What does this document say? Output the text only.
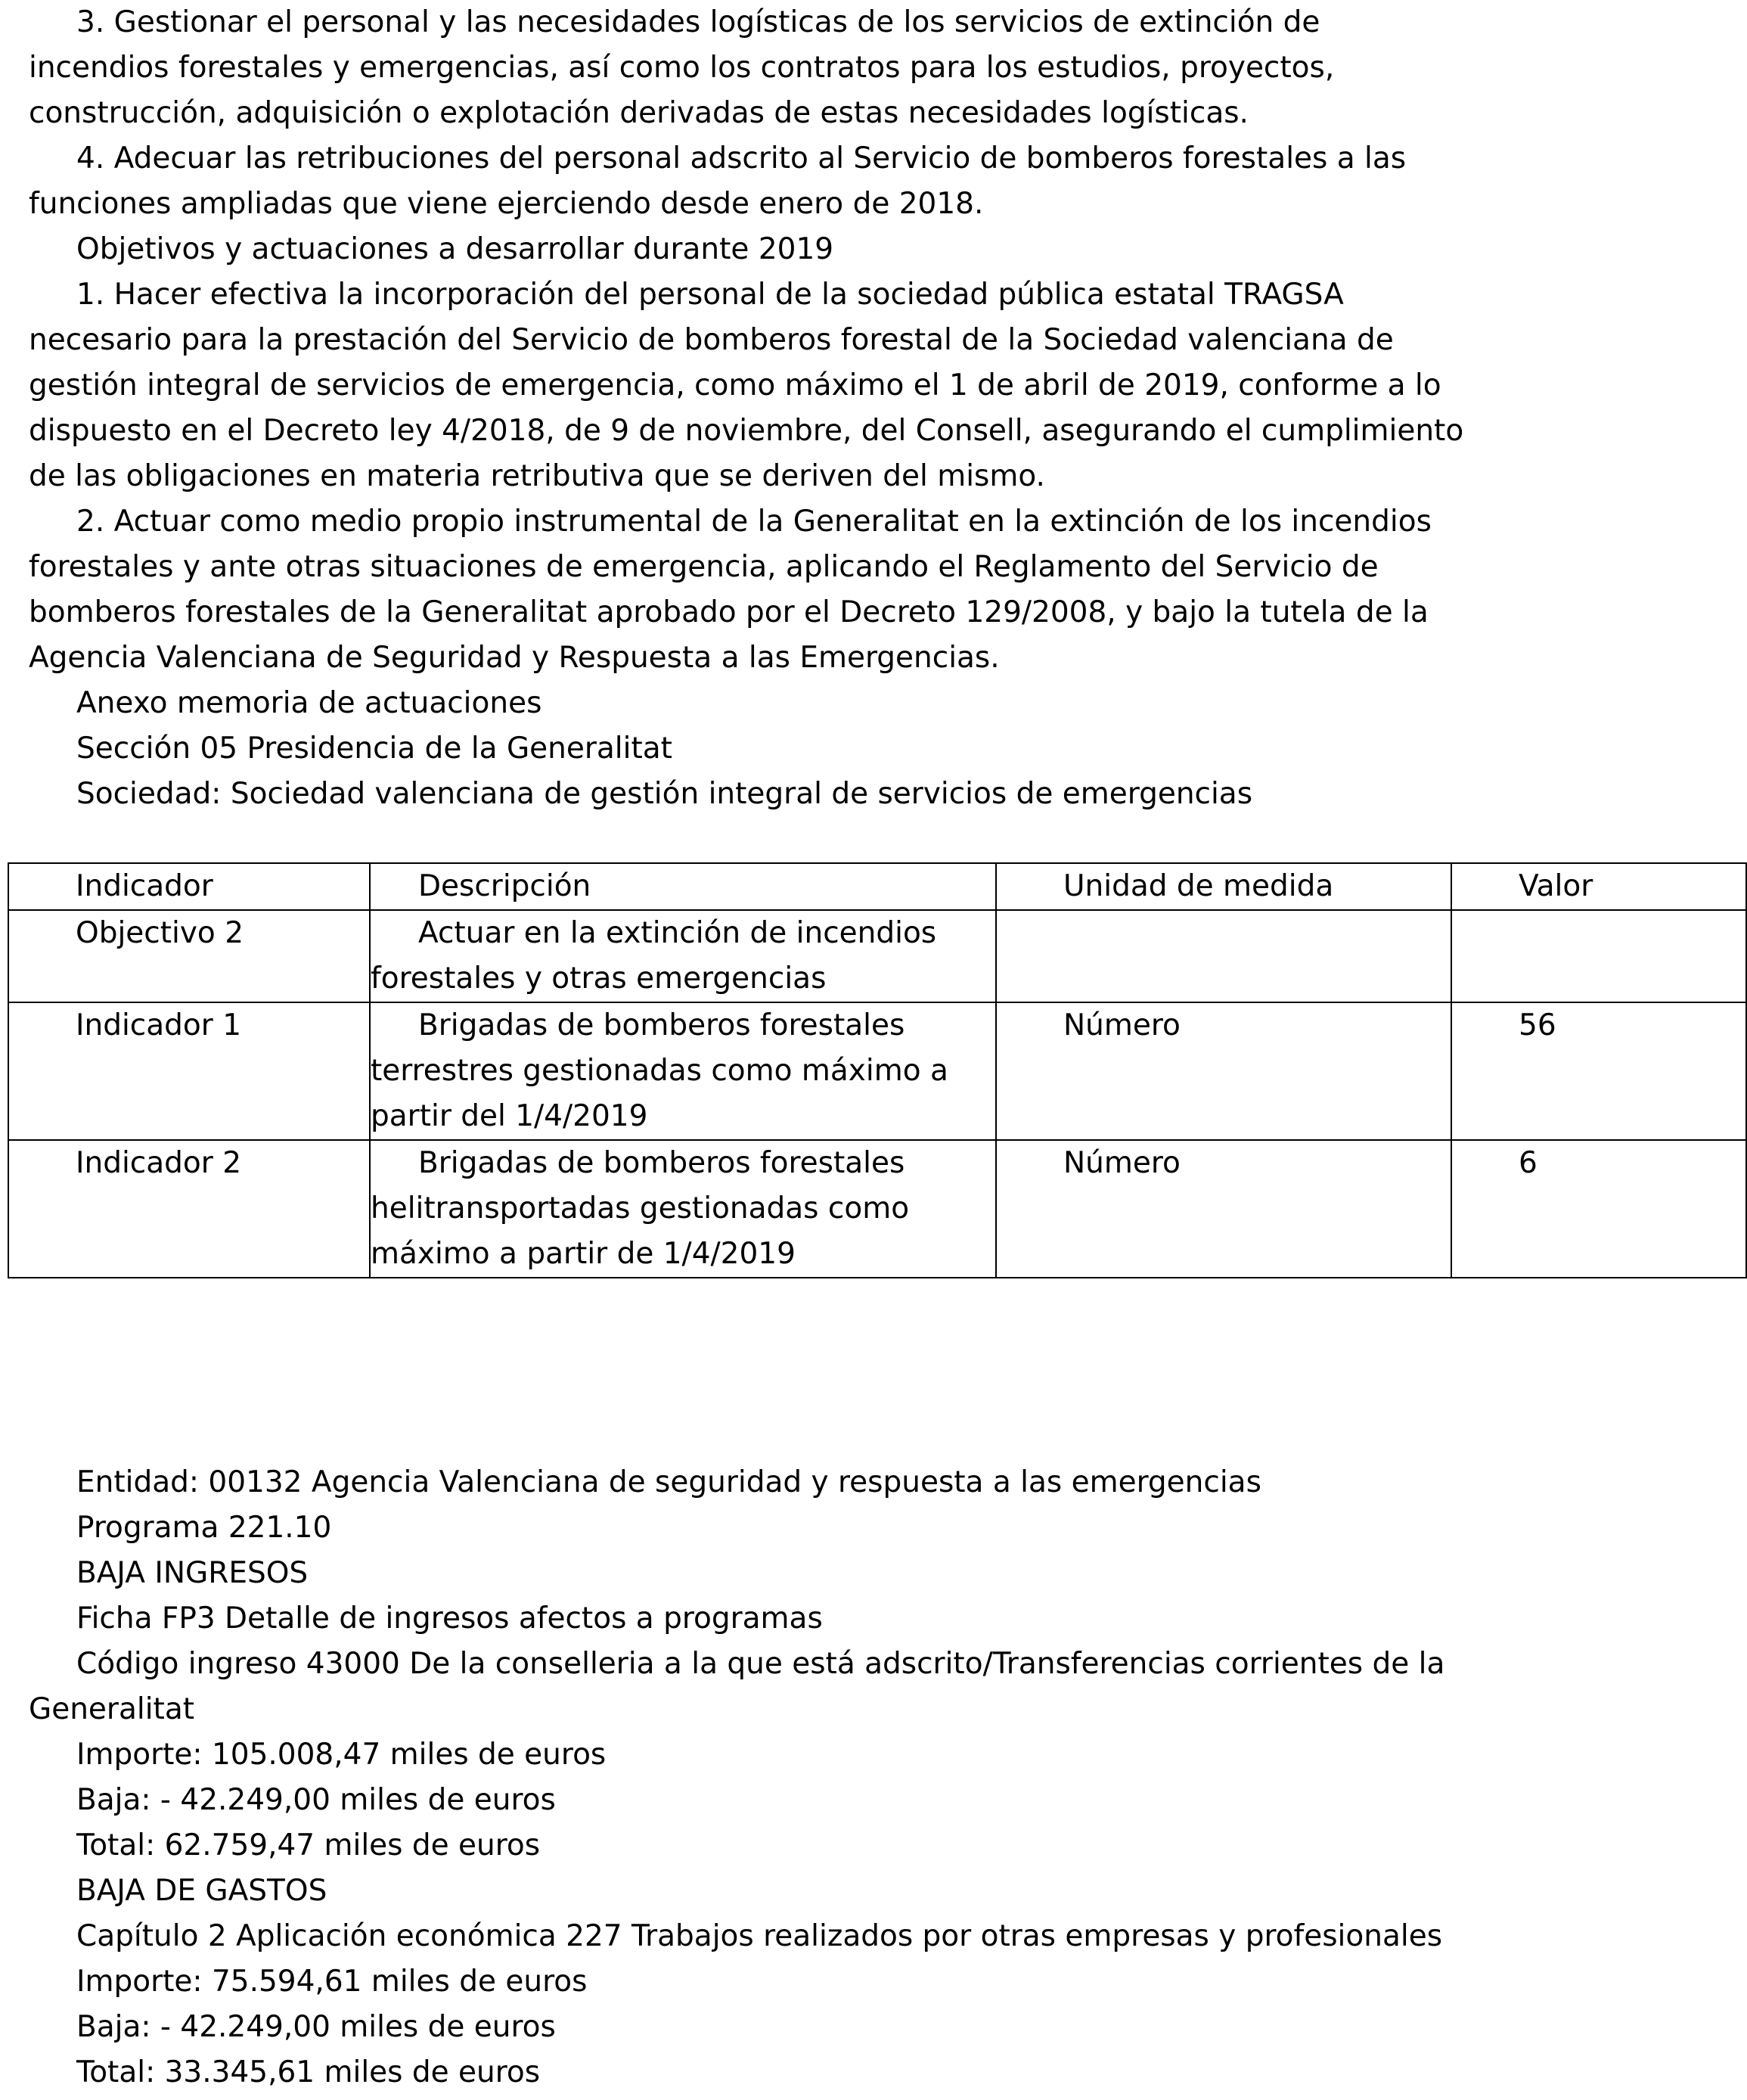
3. Gestionar el personal y las necesidades logísticas de los servicios de extinción de incendios forestales y emergencias, así como los contratos para los estudios, proyectos, construcción, adquisición o explotación derivadas de estas necesidades logísticas.

4. Adecuar las retribuciones del personal adscrito al Servicio de bomberos forestales a las funciones ampliadas que viene ejerciendo desde enero de 2018.

Objetivos y actuaciones a desarrollar durante 2019

1. Hacer efectiva la incorporación del personal de la sociedad pública estatal TRAGSA necesario para la prestación del Servicio de bomberos forestal de la Sociedad valenciana de gestión integral de servicios de emergencia, como máximo el 1 de abril de 2019, conforme a lo dispuesto en el Decreto ley 4/2018, de 9 de noviembre, del Consell, asegurando el cumplimiento de las obligaciones en materia retributiva que se deriven del mismo.

2. Actuar como medio propio instrumental de la Generalitat en la extinción de los incendios forestales y ante otras situaciones de emergencia, aplicando el Reglamento del Servicio de bomberos forestales de la Generalitat aprobado por el Decreto 129/2008, y bajo la tutela de la Agencia Valenciana de Seguridad y Respuesta a las Emergencias.

Anexo memoria de actuaciones

Sección 05 Presidencia de la Generalitat

Sociedad: Sociedad valenciana de gestión integral de servicios de emergencias

Indicador	Descripción	Unidad de medida	Valor
Objectivo 2	Actuar en la extinción de incendios forestales y otras emergencias		

Indicador 1	Brigadas de bomberos forestales terrestres gestionadas como máximo a partir del 1/4/2019	Número	56
Indicador 2	Brigadas de bomberos forestales helitransportadas gestionadas como máximo a partir de 1/4/2019	Número	6

Entidad: 00132 Agencia Valenciana de seguridad y respuesta a las emergencias

Programa 221.10

BAJA INGRESOS

Ficha FP3 Detalle de ingresos afectos a programas

Código ingreso 43000 De la conselleria a la que está adscrito/Transferencias corrientes de la Generalitat

Importe: 105.008,47 miles de euros

Baja: - 42.249,00 miles de euros

Total: 62.759,47 miles de euros

BAJA DE GASTOS

Capítulo 2 Aplicación económica 227 Trabajos realizados por otras empresas y profesionales

Importe: 75.594,61 miles de euros

Baja: - 42.249,00 miles de euros

Total: 33.345,61 miles de euros
